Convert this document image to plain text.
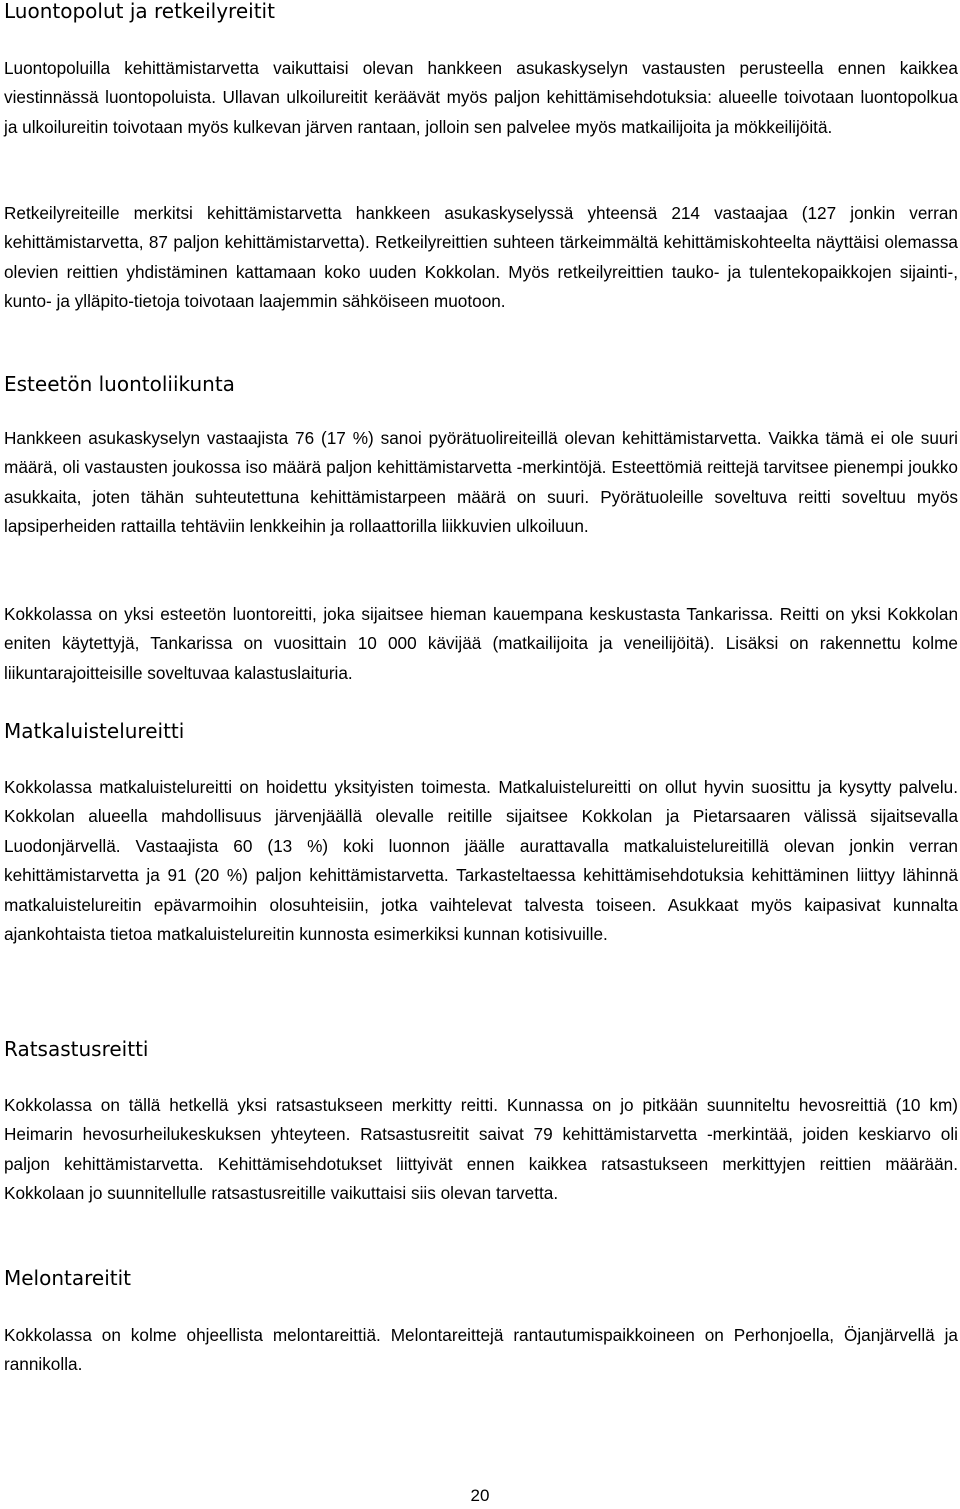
Luontopolut ja retkeilyreitit

Luontopoluilla kehittämistarvetta vaikuttaisi olevan hankkeen asukaskyselyn vastausten perusteella ennen kaikkea viestinnässä luontopoluista. Ullavan ulkoilureitit keräävät myös paljon kehittämisehdotuksia: alueelle toivotaan luontopolkua ja ulkoilureitin toivotaan myös kulkevan järven rantaan, jolloin sen palvelee myös matkailijoita ja mökkeilijöitä.

Retkeilyreiteille merkitsi kehittämistarvetta hankkeen asukaskyselyssä yhteensä 214 vastaajaa (127 jonkin verran kehittämistarvetta, 87 paljon kehittämistarvetta). Retkeilyreittien suhteen tärkeimmältä kehittämiskohteelta näyttäisi olemassa olevien reittien yhdistäminen kattamaan koko uuden Kokkolan. Myös retkeilyreittien tauko- ja tulentekopaikkojen sijainti-, kunto- ja ylläpito-tietoja toivotaan laajemmin sähköiseen muotoon.

Esteetön luontoliikunta

Hankkeen asukaskyselyn vastaajista 76 (17 %) sanoi pyörätuolireiteillä olevan kehittämistarvetta. Vaikka tämä ei ole suuri määrä, oli vastausten joukossa iso määrä paljon kehittämistarvetta -merkintöjä. Esteettömiä reittejä tarvitsee pienempi joukko asukkaita, joten tähän suhteutettuna kehittämistarpeen määrä on suuri. Pyörätuoleille soveltuva reitti soveltuu myös lapsiperheiden rattailla tehtäviin lenkkeihin ja rollaattorilla liikkuvien ulkoiluun.

Kokkolassa on yksi esteetön luontoreitti, joka sijaitsee hieman kauempana keskustasta Tankarissa. Reitti on yksi Kokkolan eniten käytettyjä, Tankarissa on vuosittain 10 000 kävijää (matkailijoita ja veneilijöitä). Lisäksi on rakennettu kolme liikuntarajoitteisille soveltuvaa kalastuslaituria.

Matkaluistelureitti

Kokkolassa matkaluistelureitti on hoidettu yksityisten toimesta. Matkaluistelureitti on ollut hyvin suosittu ja kysytty palvelu. Kokkolan alueella mahdollisuus järvenjäällä olevalle reitille sijaitsee Kokkolan ja Pietarsaaren välissä sijaitsevalla Luodonjärvellä. Vastaajista 60 (13 %) koki luonnon jäälle aurattavalla matkaluistelureitillä olevan jonkin verran kehittämistarvetta ja 91 (20 %) paljon kehittämistarvetta. Tarkasteltaessa kehittämisehdotuksia kehittäminen liittyy lähinnä matkaluistelureitin epävarmoihin olosuhteisiin, jotka vaihtelevat talvesta toiseen. Asukkaat myös kaipasivat kunnalta ajankohtaista tietoa matkaluistelureitin kunnosta esimerkiksi kunnan kotisivuille.

Ratsastusreitti

Kokkolassa on tällä hetkellä yksi ratsastukseen merkitty reitti. Kunnassa on jo pitkään suunniteltu hevosreittiä (10 km) Heimarin hevosurheilukeskuksen yhteyteen. Ratsastusreitit saivat 79 kehittämistarvetta -merkintää, joiden keskiarvo oli paljon kehittämistarvetta. Kehittämisehdotukset liittyivät ennen kaikkea ratsastukseen merkittyjen reittien määrään. Kokkolaan jo suunnitellulle ratsastusreitille vaikuttaisi siis olevan tarvetta.

Melontareitit

Kokkolassa on kolme ohjeellista melontareittiä. Melontareittejä rantautumispaikkoineen on Perhonjoella, Öjanjärvellä ja rannikolla.

20
